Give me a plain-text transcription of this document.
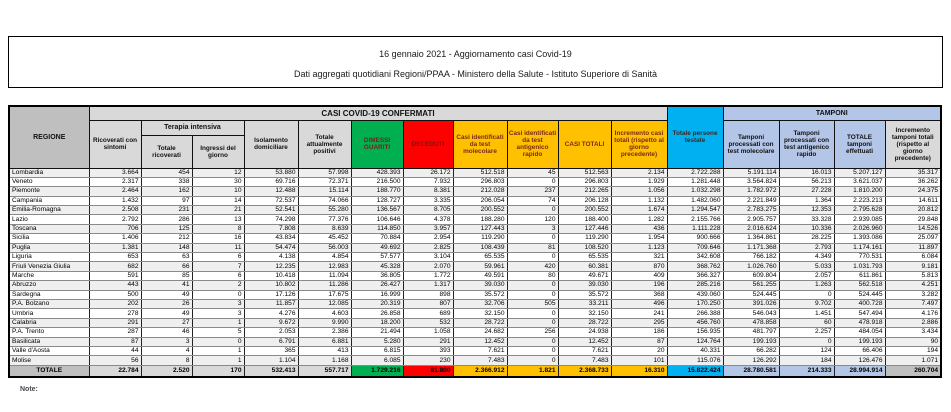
16 gennaio 2021 - Aggiornamento casi Covid-19
Dati aggregati quotidiani Regioni/PPAA - Ministero della Salute - Istituto Superiore di Sanità
REGIONE	CASI COVID-19 CONFERMATI											Totale persone testate	TAMPONI			
	Ricoverati con sintomi	Terapia intensiva		Isolamento domiciliare	Totale attualmente positivi	DIMESSI GUARITI	DECEDUTI	Casi identificati da test molecolare	Casi identificati da test antigenico rapido	CASI TOTALI	Incremento casi totali (rispetto al giorno precedente)		Tamponi processati con test molecolare	Tamponi processati con test antigenico rapido	TOTALE tamponi effettuati	Incremento tamponi totali (rispetto al giorno precedente)
		Totale ricoverati	Ingressi del giorno													
Lombardia	3.664	454	12	53.880	57.998	428.393	26.172	512.518	45	512.563	2.134	2.722.288	5.191.114	16.013	5.207.127	35.317
Veneto	2.317	338	30	69.716	72.371	216.500	7.932	296.803	0	296.803	1.929	1.281.448	3.564.824	56.213	3.621.037	36.262
Piemonte	2.464	162	10	12.488	15.114	188.770	8.381	212.028	237	212.265	1.056	1.032.298	1.782.972	27.228	1.810.200	24.375
Campania	1.432	97	14	72.537	74.066	128.727	3.335	206.054	74	206.128	1.132	1.482.060	2.221.849	1.364	2.223.213	14.611
Emilia-Romagna	2.508	231	21	52.541	55.280	136.567	8.705	200.552	0	200.552	1.674	1.294.547	2.783.275	12.353	2.795.628	20.812
Lazio	2.792	286	13	74.298	77.376	106.646	4.378	188.280	120	188.400	1.282	2.155.766	2.905.757	33.328	2.939.085	29.848
Toscana	706	125	8	7.808	8.639	114.850	3.957	127.443	3	127.446	436	1.111.228	2.016.624	10.336	2.026.960	14.526
Sicilia	1.406	212	16	43.834	45.452	70.884	2.954	119.290	0	119.290	1.954	900.666	1.364.861	28.225	1.393.086	25.097
Puglia	1.381	148	11	54.474	56.003	49.692	2.825	108.439	81	108.520	1.123	709.646	1.171.368	2.793	1.174.161	11.897
Liguria	653	63	6	4.138	4.854	57.577	3.104	65.535	0	65.535	321	342.608	766.182	4.349	770.531	6.084
Friuli Venezia Giulia	682	66	7	12.235	12.983	45.328	2.070	59.961	420	60.381	870	368.762	1.026.760	5.033	1.031.793	9.181
Marche	591	85	6	10.418	11.094	36.805	1.772	49.591	80	49.671	409	366.327	609.804	2.057	611.861	5.813
Abruzzo	443	41	2	10.802	11.286	26.427	1.317	39.030	0	39.030	196	285.216	561.255	1.263	562.518	4.251
Sardegna	500	49	0	17.126	17.675	16.999	898	35.572	0	35.572	368	439.060	524.445	0	524.445	3.282
P.A. Bolzano	202	26	3	11.857	12.085	20.319	807	32.706	505	33.211	496	170.250	391.026	9.702	400.728	7.497
Umbria	278	49	3	4.276	4.603	26.858	689	32.150	0	32.150	241	266.388	546.043	1.451	547.494	4.176
Calabria	291	27	1	9.672	9.990	18.200	532	28.722	0	28.722	295	456.760	478.858	60	478.918	2.886
P.A. Trento	287	46	5	2.053	2.386	21.494	1.058	24.682	256	24.938	186	156.935	481.797	2.257	484.054	3.434
Basilicata	87	3	0	6.791	6.881	5.280	291	12.452	0	12.452	87	124.764	199.193	0	199.193	90
Valle d'Aosta	44	4	1	365	413	6.815	393	7.621	0	7.621	20	40.331	66.282	124	66.406	194
Molise	56	8	1	1.104	1.168	6.085	230	7.483	0	7.483	101	115.076	126.292	184	126.476	1.071
TOTALE	22.784	2.520	170	532.413	557.717	1.729.216	81.800	2.366.912	1.821	2.368.733	16.310	15.822.424	28.780.581	214.333	28.994.914	260.704
Note:
